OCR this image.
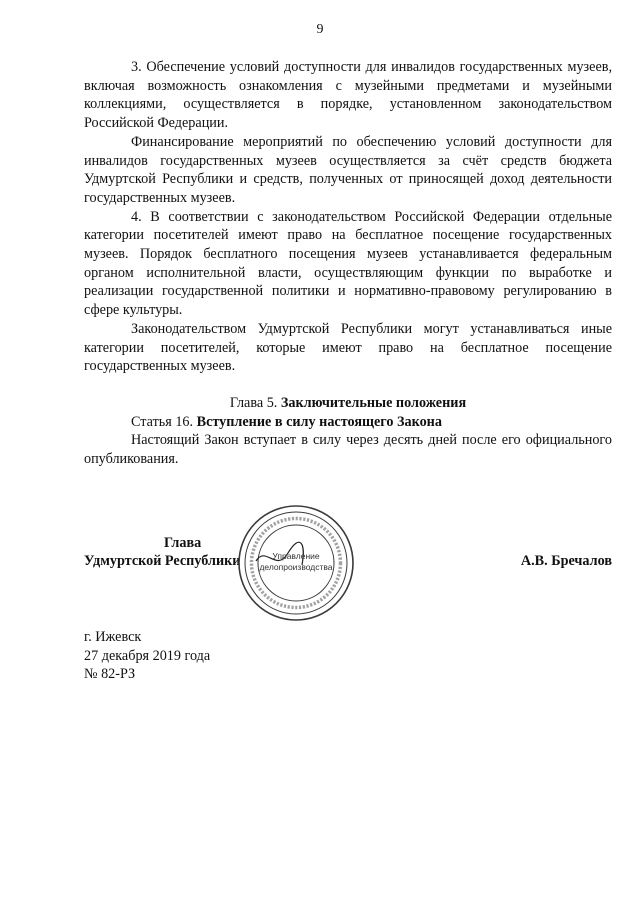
9

3. Обеспечение условий доступности для инвалидов государственных музеев, включая возможность ознакомления с музейными предметами и музейными коллекциями, осуществляется в порядке, установленном законодательством Российской Федерации.

Финансирование мероприятий по обеспечению условий доступности для инвалидов государственных музеев осуществляется за счёт средств бюджета Удмуртской Республики и средств, полученных от приносящей доход деятельности государственных музеев.

4. В соответствии с законодательством Российской Федерации отдельные категории посетителей имеют право на бесплатное посещение государственных музеев. Порядок бесплатного посещения музеев устанавливается федеральным органом исполнительной власти, осуществляющим функции по выработке и реализации государственной политики и нормативно-правовому регулированию в сфере культуры.

Законодательством Удмуртской Республики могут устанавливаться иные категории посетителей, которые имеют право на бесплатное посещение государственных музеев.

Глава 5. Заключительные положения

Статья 16. Вступление в силу настоящего Закона

Настоящий Закон вступает в силу через десять дней после его официального опубликования.

Глава
Удмуртской Республики	А.В. Бречалов
Управление
делопроизводства
г. Ижевск
27 декабря 2019 года
№ 82-РЗ
